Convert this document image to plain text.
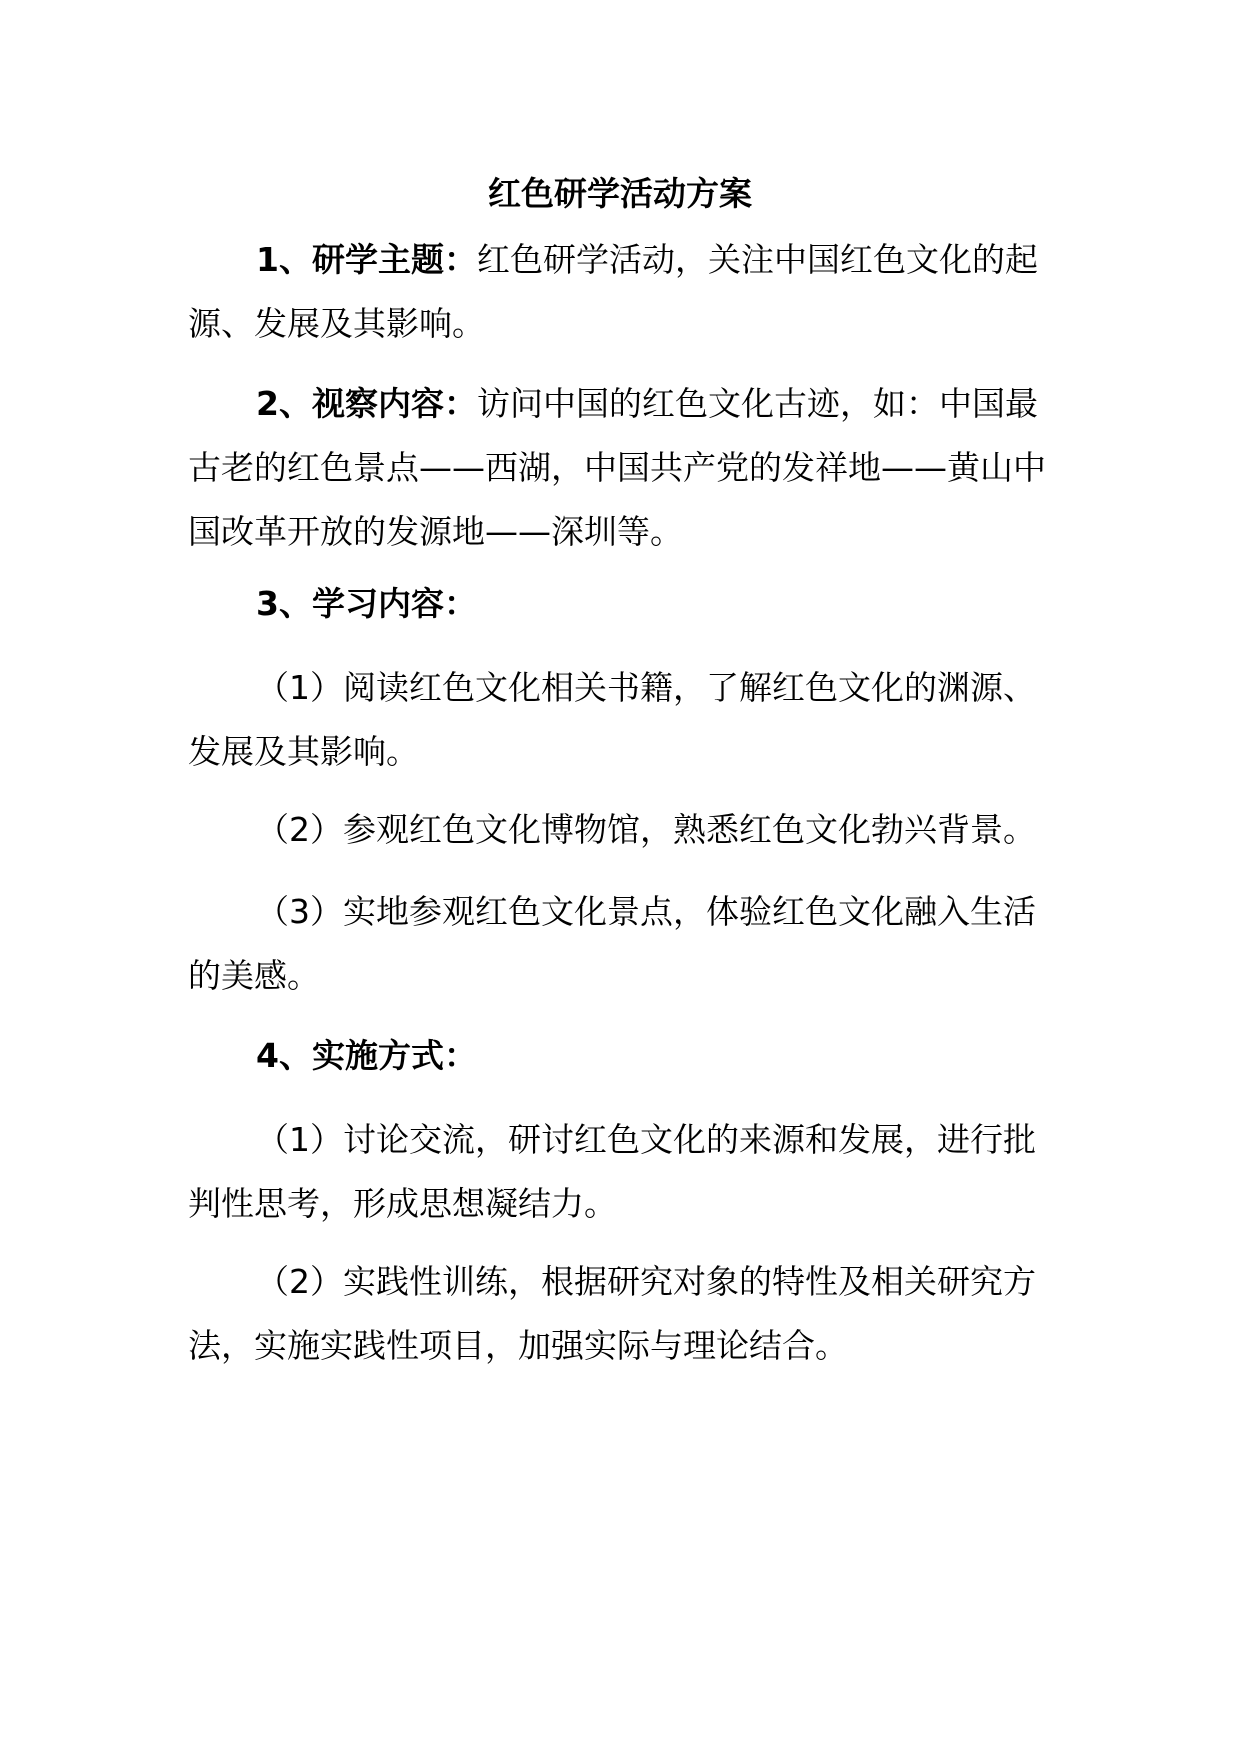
红色研学活动方案

1、研学主题：红色研学活动，关注中国红色文化的起源、发展及其影响。

2、视察内容：访问中国的红色文化古迹，如：中国最古老的红色景点——西湖，中国共产党的发祥地——黄山中国改革开放的发源地——深圳等。

3、学习内容：

（1）阅读红色文化相关书籍，了解红色文化的渊源、发展及其影响。

（2）参观红色文化博物馆，熟悉红色文化勃兴背景。

（3）实地参观红色文化景点，体验红色文化融入生活的美感。

4、实施方式：

（1）讨论交流，研讨红色文化的来源和发展，进行批判性思考，形成思想凝结力。

（2）实践性训练，根据研究对象的特性及相关研究方法，实施实践性项目，加强实际与理论结合。
